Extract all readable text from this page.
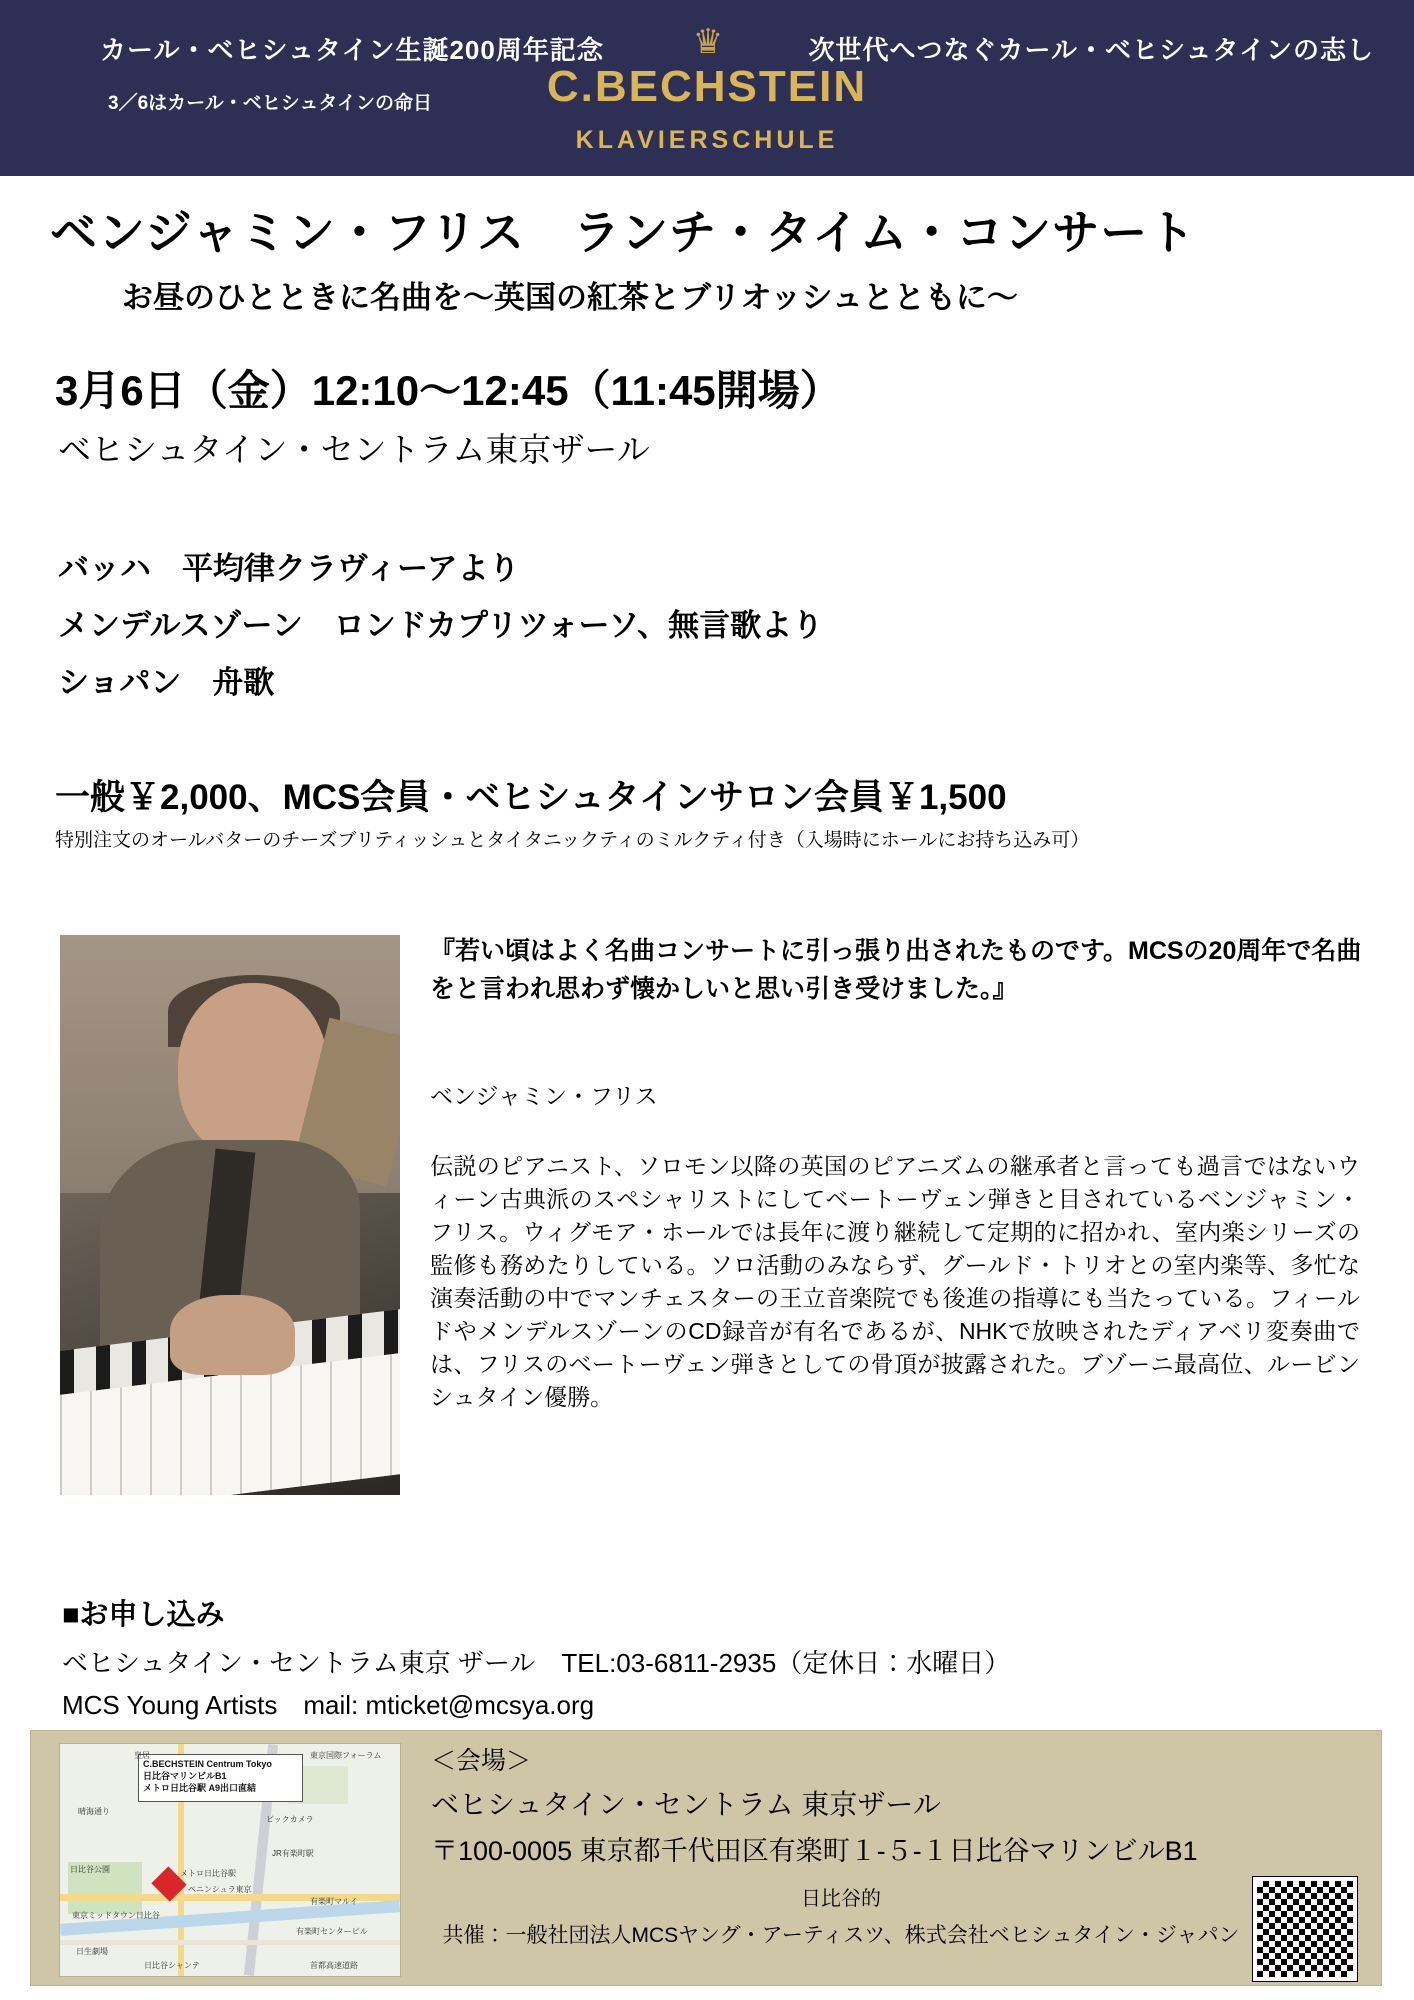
カール・ベヒシュタイン生誕200周年記念	♛	次世代へつなぐカール・ベヒシュタインの志し
3／6はカール・ベヒシュタインの命日	C.BECHSTEIN
KLAVIERSCHULE
ベンジャミン・フリス　ランチ・タイム・コンサート
お昼のひとときに名曲を〜英国の紅茶とブリオッシュとともに〜
3月6日（金）12:10〜12:45（11:45開場）
ベヒシュタイン・セントラム東京ザール
バッハ　平均律クラヴィーアより
メンデルスゾーン　ロンドカプリツォーソ、無言歌より
ショパン　舟歌
一般￥2,000、MCS会員・ベヒシュタインサロン会員￥1,500
特別注文のオールバターのチーズブリティッシュとタイタニックティのミルクティ付き（入場時にホールにお持ち込み可）
『若い頃はよく名曲コンサートに引っ張り出されたものです。MCSの20周年で名曲をと言われ思わず懐かしいと思い引き受けました。』
ベンジャミン・フリス
伝説のピアニスト、ソロモン以降の英国のピアニズムの継承者と言っても過言ではないウィーン古典派のスペシャリストにしてベートーヴェン弾きと目されているベンジャミン・フリス。ウィグモア・ホールでは長年に渡り継続して定期的に招かれ、室内楽シリーズの監修も務めたりしている。ソロ活動のみならず、グールド・トリオとの室内楽等、多忙な演奏活動の中でマンチェスターの王立音楽院でも後進の指導にも当たっている。フィールドやメンデルスゾーンのCD録音が有名であるが、NHKで放映されたディアベリ変奏曲では、フリスのベートーヴェン弾きとしての骨頂が披露された。ブゾーニ最高位、ルービンシュタイン優勝。
■お申し込み
ベヒシュタイン・セントラム東京 ザール　TEL:03-6811-2935（定休日：水曜日）
MCS Young Artists　mail: mticket@mcsya.org
C.BECHSTEIN Centrum Tokyo
日比谷マリンビルB1
メトロ日比谷駅 A9出口直結
皇居	東京国際フォーラム
晴海通り
ビックカメラ
日比谷公園	メトロ日比谷駅
ペニンシュラ東京
有楽町マルイ
東京ミッドタウン日比谷
有楽町センタービル
日生劇場
日比谷シャンテ	首都高速道路
JR有楽町駅
＜会場＞
ベヒシュタイン・セントラム 東京ザール
〒100-0005 東京都千代田区有楽町１-５-１日比谷マリンビルB1
日比谷的
共催：一般社団法人MCSヤング・アーティスツ、株式会社ベヒシュタイン・ジャパン
